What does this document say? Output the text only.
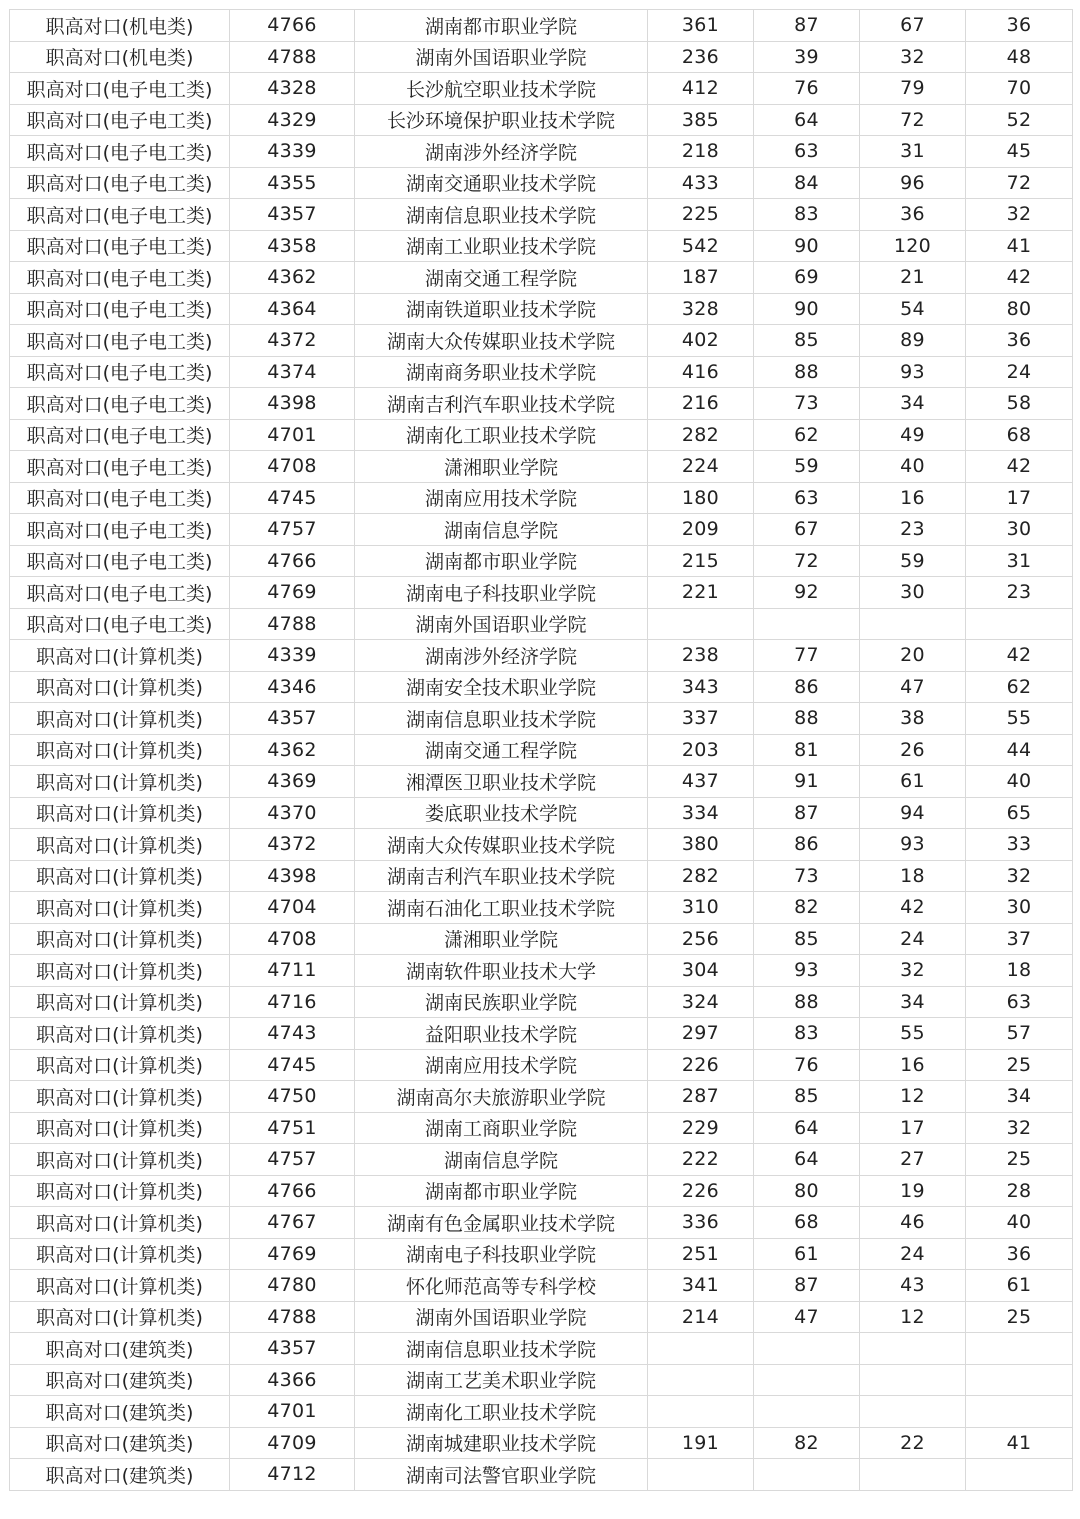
职高对口(机电类)	4766	湖南都市职业学院	361	87	67	36
职高对口(机电类)	4788	湖南外国语职业学院	236	39	32	48
职高对口(电子电工类)	4328	长沙航空职业技术学院	412	76	79	70
职高对口(电子电工类)	4329	长沙环境保护职业技术学院	385	64	72	52
职高对口(电子电工类)	4339	湖南涉外经济学院	218	63	31	45
职高对口(电子电工类)	4355	湖南交通职业技术学院	433	84	96	72
职高对口(电子电工类)	4357	湖南信息职业技术学院	225	83	36	32
职高对口(电子电工类)	4358	湖南工业职业技术学院	542	90	120	41
职高对口(电子电工类)	4362	湖南交通工程学院	187	69	21	42
职高对口(电子电工类)	4364	湖南铁道职业技术学院	328	90	54	80
职高对口(电子电工类)	4372	湖南大众传媒职业技术学院	402	85	89	36
职高对口(电子电工类)	4374	湖南商务职业技术学院	416	88	93	24
职高对口(电子电工类)	4398	湖南吉利汽车职业技术学院	216	73	34	58
职高对口(电子电工类)	4701	湖南化工职业技术学院	282	62	49	68
职高对口(电子电工类)	4708	潇湘职业学院	224	59	40	42
职高对口(电子电工类)	4745	湖南应用技术学院	180	63	16	17
职高对口(电子电工类)	4757	湖南信息学院	209	67	23	30
职高对口(电子电工类)	4766	湖南都市职业学院	215	72	59	31
职高对口(电子电工类)	4769	湖南电子科技职业学院	221	92	30	23
职高对口(电子电工类)	4788	湖南外国语职业学院				
职高对口(计算机类)	4339	湖南涉外经济学院	238	77	20	42
职高对口(计算机类)	4346	湖南安全技术职业学院	343	86	47	62
职高对口(计算机类)	4357	湖南信息职业技术学院	337	88	38	55
职高对口(计算机类)	4362	湖南交通工程学院	203	81	26	44
职高对口(计算机类)	4369	湘潭医卫职业技术学院	437	91	61	40
职高对口(计算机类)	4370	娄底职业技术学院	334	87	94	65
职高对口(计算机类)	4372	湖南大众传媒职业技术学院	380	86	93	33
职高对口(计算机类)	4398	湖南吉利汽车职业技术学院	282	73	18	32
职高对口(计算机类)	4704	湖南石油化工职业技术学院	310	82	42	30
职高对口(计算机类)	4708	潇湘职业学院	256	85	24	37
职高对口(计算机类)	4711	湖南软件职业技术大学	304	93	32	18
职高对口(计算机类)	4716	湖南民族职业学院	324	88	34	63
职高对口(计算机类)	4743	益阳职业技术学院	297	83	55	57
职高对口(计算机类)	4745	湖南应用技术学院	226	76	16	25
职高对口(计算机类)	4750	湖南高尔夫旅游职业学院	287	85	12	34
职高对口(计算机类)	4751	湖南工商职业学院	229	64	17	32
职高对口(计算机类)	4757	湖南信息学院	222	64	27	25
职高对口(计算机类)	4766	湖南都市职业学院	226	80	19	28
职高对口(计算机类)	4767	湖南有色金属职业技术学院	336	68	46	40
职高对口(计算机类)	4769	湖南电子科技职业学院	251	61	24	36
职高对口(计算机类)	4780	怀化师范高等专科学校	341	87	43	61
职高对口(计算机类)	4788	湖南外国语职业学院	214	47	12	25
职高对口(建筑类)	4357	湖南信息职业技术学院				
职高对口(建筑类)	4366	湖南工艺美术职业学院				
职高对口(建筑类)	4701	湖南化工职业技术学院				
职高对口(建筑类)	4709	湖南城建职业技术学院	191	82	22	41
职高对口(建筑类)	4712	湖南司法警官职业学院				
